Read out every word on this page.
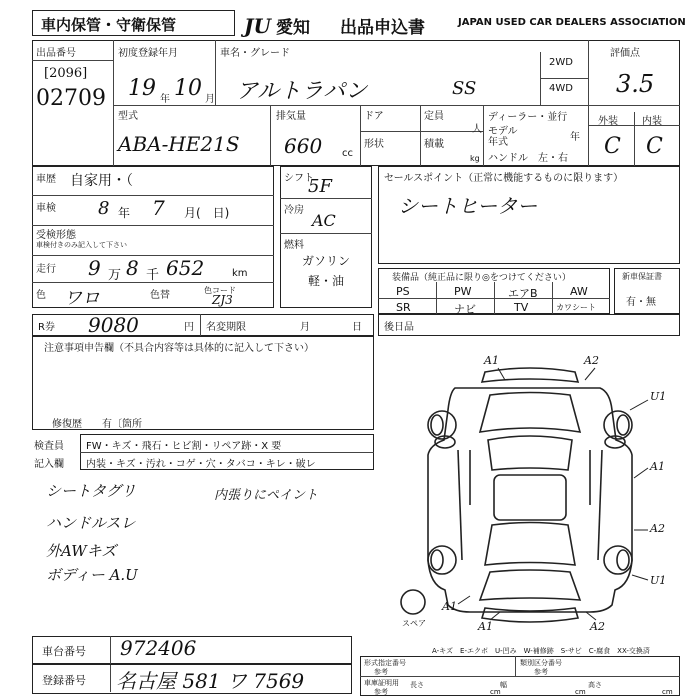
車内保管・守衛保管	JU 愛知 出品申込書	JAPAN USED CAR DEALERS ASSOCIATION
出品番号
[2096]
02709
初度登録年月
19 年 10 月
車名・グレード
アルトラパン	SS
2WD
4WD
評価点
3.5
型式
ABA-HE21S
排気量
660 cc
ドア
形状
定員
人
積載
kg
ディーラー・並行
モデル
年式	年
ハンドル　左・右
外装 内装
C C
車歴 自家用・（
車検 8 年 7 月(　日)
受検形態
車検付きのみ記入して下さい
走行 9 万 8 千 652	km
色 ワロ	色替	色コード
ZJ3
シフト
5F
冷房
AC
燃料
ガソリン
軽・油
セールスポイント（正常に機能するものに限ります）
シートヒーター
装備品（純正品に限り◎をつけてください）
PS	PW	エアB	AW
SR	ナビ	TV	カワシート
新車保証書
有・無
R券 9080	円 名変期限	月	日 後日品
注意事項申告欄（不具合内容等は具体的に記入して下さい）
修復歴　　有〔箇所
検査員
記入欄
FW・キズ・飛石・ヒビ割・リペア跡・X 要
内装・キズ・汚れ・コゲ・穴・タバコ・キレ・破レ
シートタグリ
ハンドルスレ
外AWキズ
ボディー A.U
内張りにペイント
A1	A2
U1
A1
A2
U1
A1
A1	A2
スペア
A-キズ　E-エクボ　U-凹み　W-補修跡　S-サビ　C-腐食　XX-交換済
車台番号 972406
登録番号 名古屋 581 ワ 7569
形式指定番号
参考
類別区分番号
参考
車庫証明用
参考
長さ
cm
幅
cm
高さ
cm
